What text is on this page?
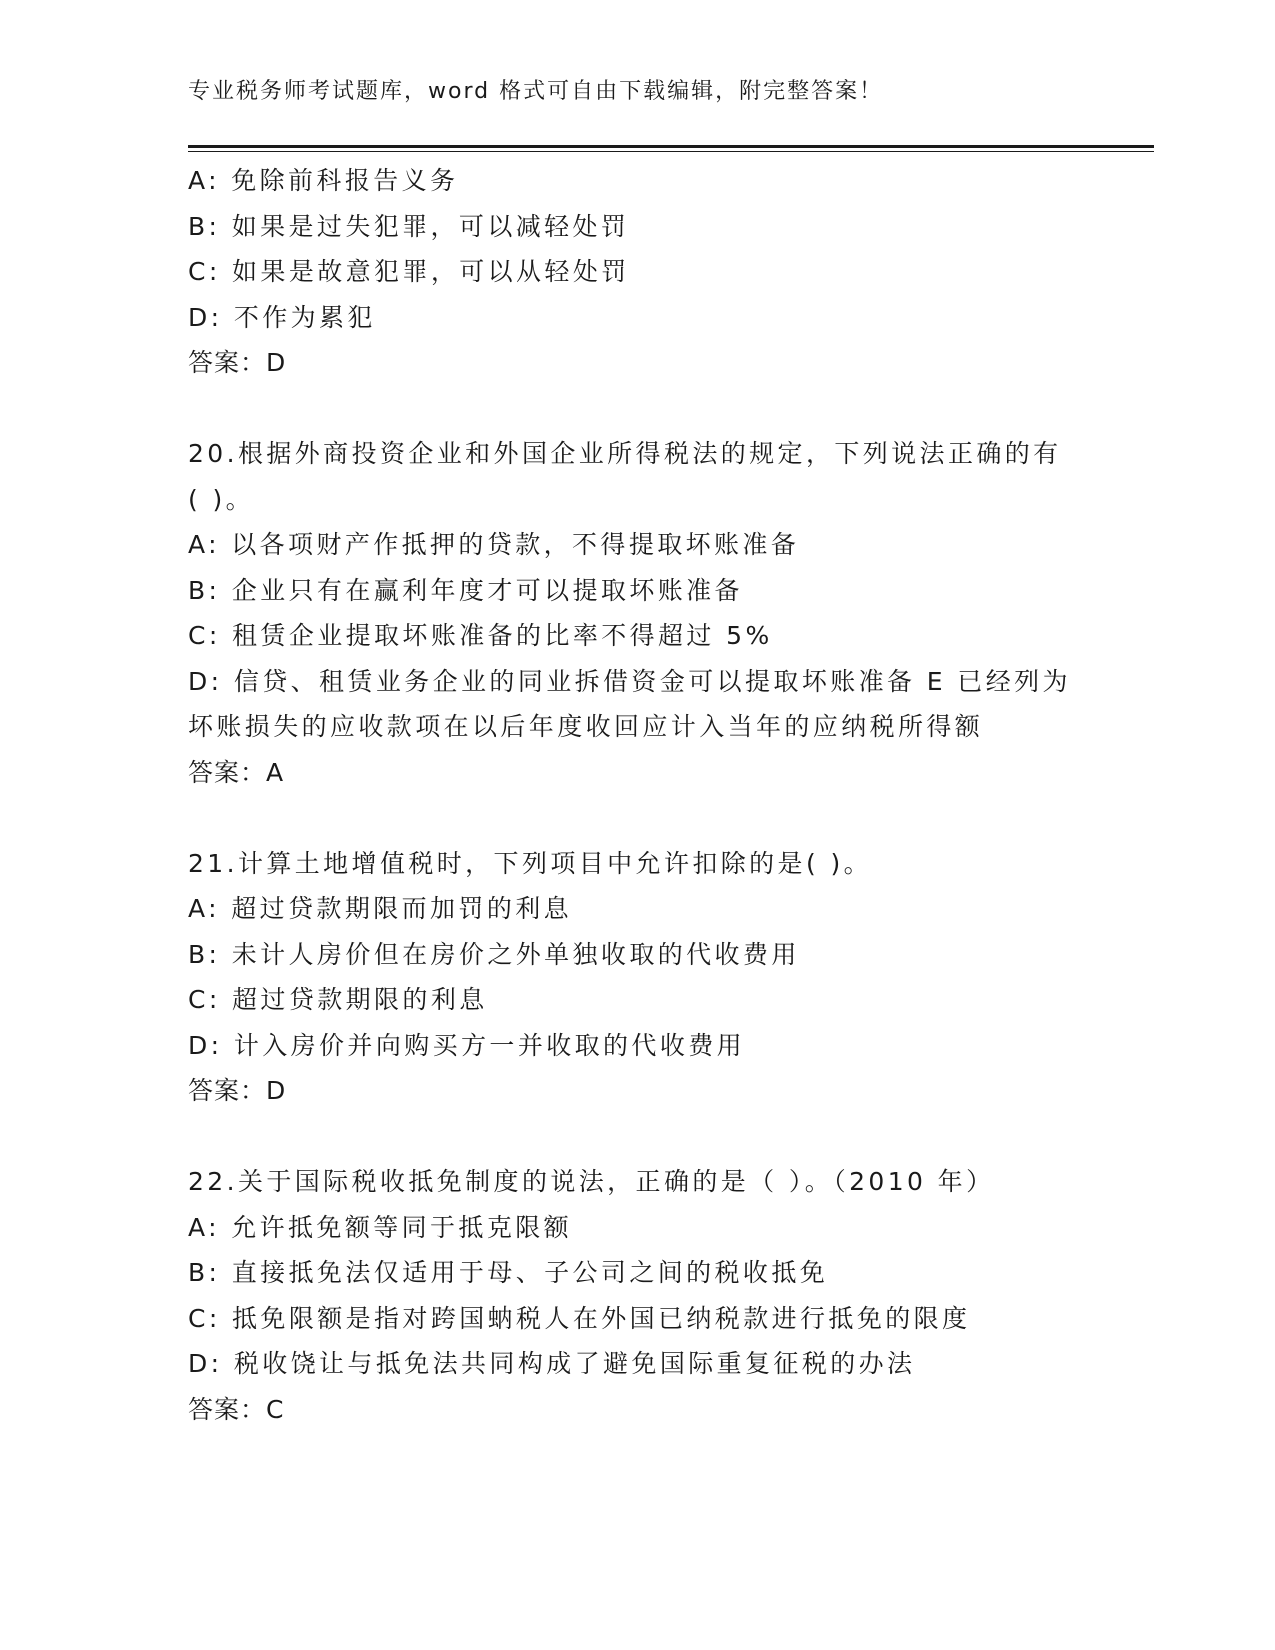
专业税务师考试题库，word 格式可自由下载编辑，附完整答案！
A: 免除前科报告义务
B: 如果是过失犯罪，可以减轻处罚
C: 如果是故意犯罪，可以从轻处罚
D: 不作为累犯
答案：D
20.根据外商投资企业和外国企业所得税法的规定，下列说法正确的有
( )。
A: 以各项财产作抵押的贷款，不得提取坏账准备
B: 企业只有在赢利年度才可以提取坏账准备
C: 租赁企业提取坏账准备的比率不得超过 5%
D: 信贷、租赁业务企业的同业拆借资金可以提取坏账准备 E 已经列为
坏账损失的应收款项在以后年度收回应计入当年的应纳税所得额
答案：A
21.计算土地增值税时，下列项目中允许扣除的是( )。
A: 超过贷款期限而加罚的利息
B: 未计人房价但在房价之外单独收取的代收费用
C: 超过贷款期限的利息
D: 计入房价并向购买方一并收取的代收费用
答案：D
22.关于国际税收抵免制度的说法，正确的是（ ）。（2010 年）
A: 允许抵免额等同于抵克限额
B: 直接抵免法仅适用于母、子公司之间的税收抵免
C: 抵免限额是指对跨国蚋税人在外国已纳税款进行抵免的限度
D: 税收饶让与抵免法共同构成了避免国际重复征税的办法
答案：C
